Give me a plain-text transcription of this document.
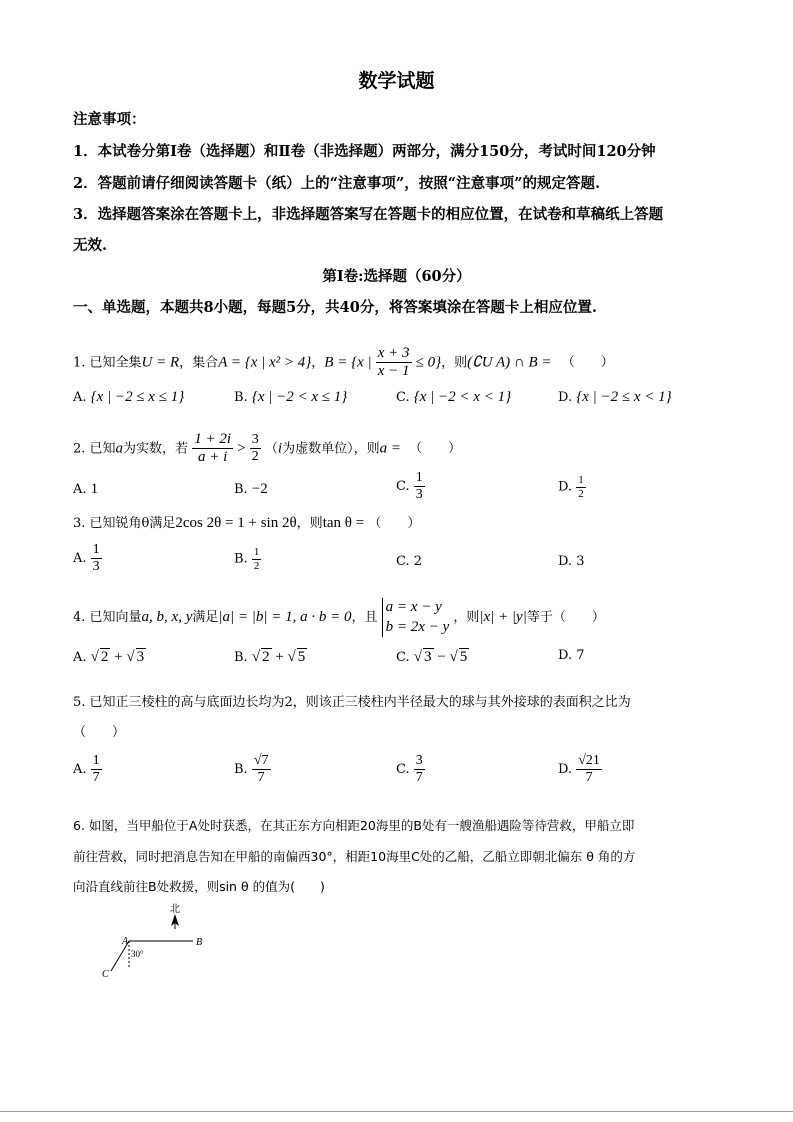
数学试题
注意事项：
1．本试卷分第Ⅰ卷（选择题）和Ⅱ卷（非选择题）两部分，满分150分，考试时间120分钟
2．答题前请仔细阅读答题卡（纸）上的“注意事项”，按照“注意事项”的规定答题.
3．选择题答案涂在答题卡上，非选择题答案写在答题卡的相应位置，在试卷和草稿纸上答题
无效.
第Ⅰ卷:选择题（60分）
一、单选题，本题共8小题，每题5分，共40分，将答案填涂在答题卡上相应位置.
1. 已知全集U = R，集合A = {x | x² > 4}，B = {x | $\frac{x + 3}{x - 1} \le 0$}，则(∁U A) ∩ B = （　　）
A. {x | −2 ≤ x ≤ 1}	B. {x | −2 < x ≤ 1}	C. {x | −2 < x < 1}	D. {x | −2 ≤ x < 1}
2. 已知a为实数，若 $\frac{1 + 2i}{a + i} > \frac{3}{2} (i$为虚数单位），则a = （　　）
A. 1	B. −2	C. $\frac{1}{3}$	D. $\frac{1}{2}$
3. 已知锐角θ满足2cos 2θ = 1 + sin 2θ，则tan θ = （　　）
A. $\frac{1}{3}$	B. $\frac{1}{2}$	C. 2	D. 3
4. 已知向量a, b, x, y满足|a| = |b| = 1, a · b = 0，且
a = x − y
b = 2x − y
，则|x| + |y|等于（　　）
A. √ 2 + √ 3	B. √ 2 + √ 5	C. √ 3 − √ 5	D. 7
5. 已知正三棱柱的高与底面边长均为2，则该正三棱柱内半径最大的球与其外接球的表面积之比为
（　　）
A. $\frac{1}{7}$	B. $\frac{√7}{7}$	C. $\frac{3}{7}$	D. $\frac{√21}{7}$
6. 如图，当甲船位于A处时获悉，在其正东方向相距20海里的B处有一艘渔船遇险等待营救，甲船立即
前往营救，同时把消息告知在甲船的南偏西30°，相距10海里C处的乙船，乙船立即朝北偏东 θ 角的方
向沿直线前往B处救援，则sin θ 的值为(　　)
北
A	B
C
30°
